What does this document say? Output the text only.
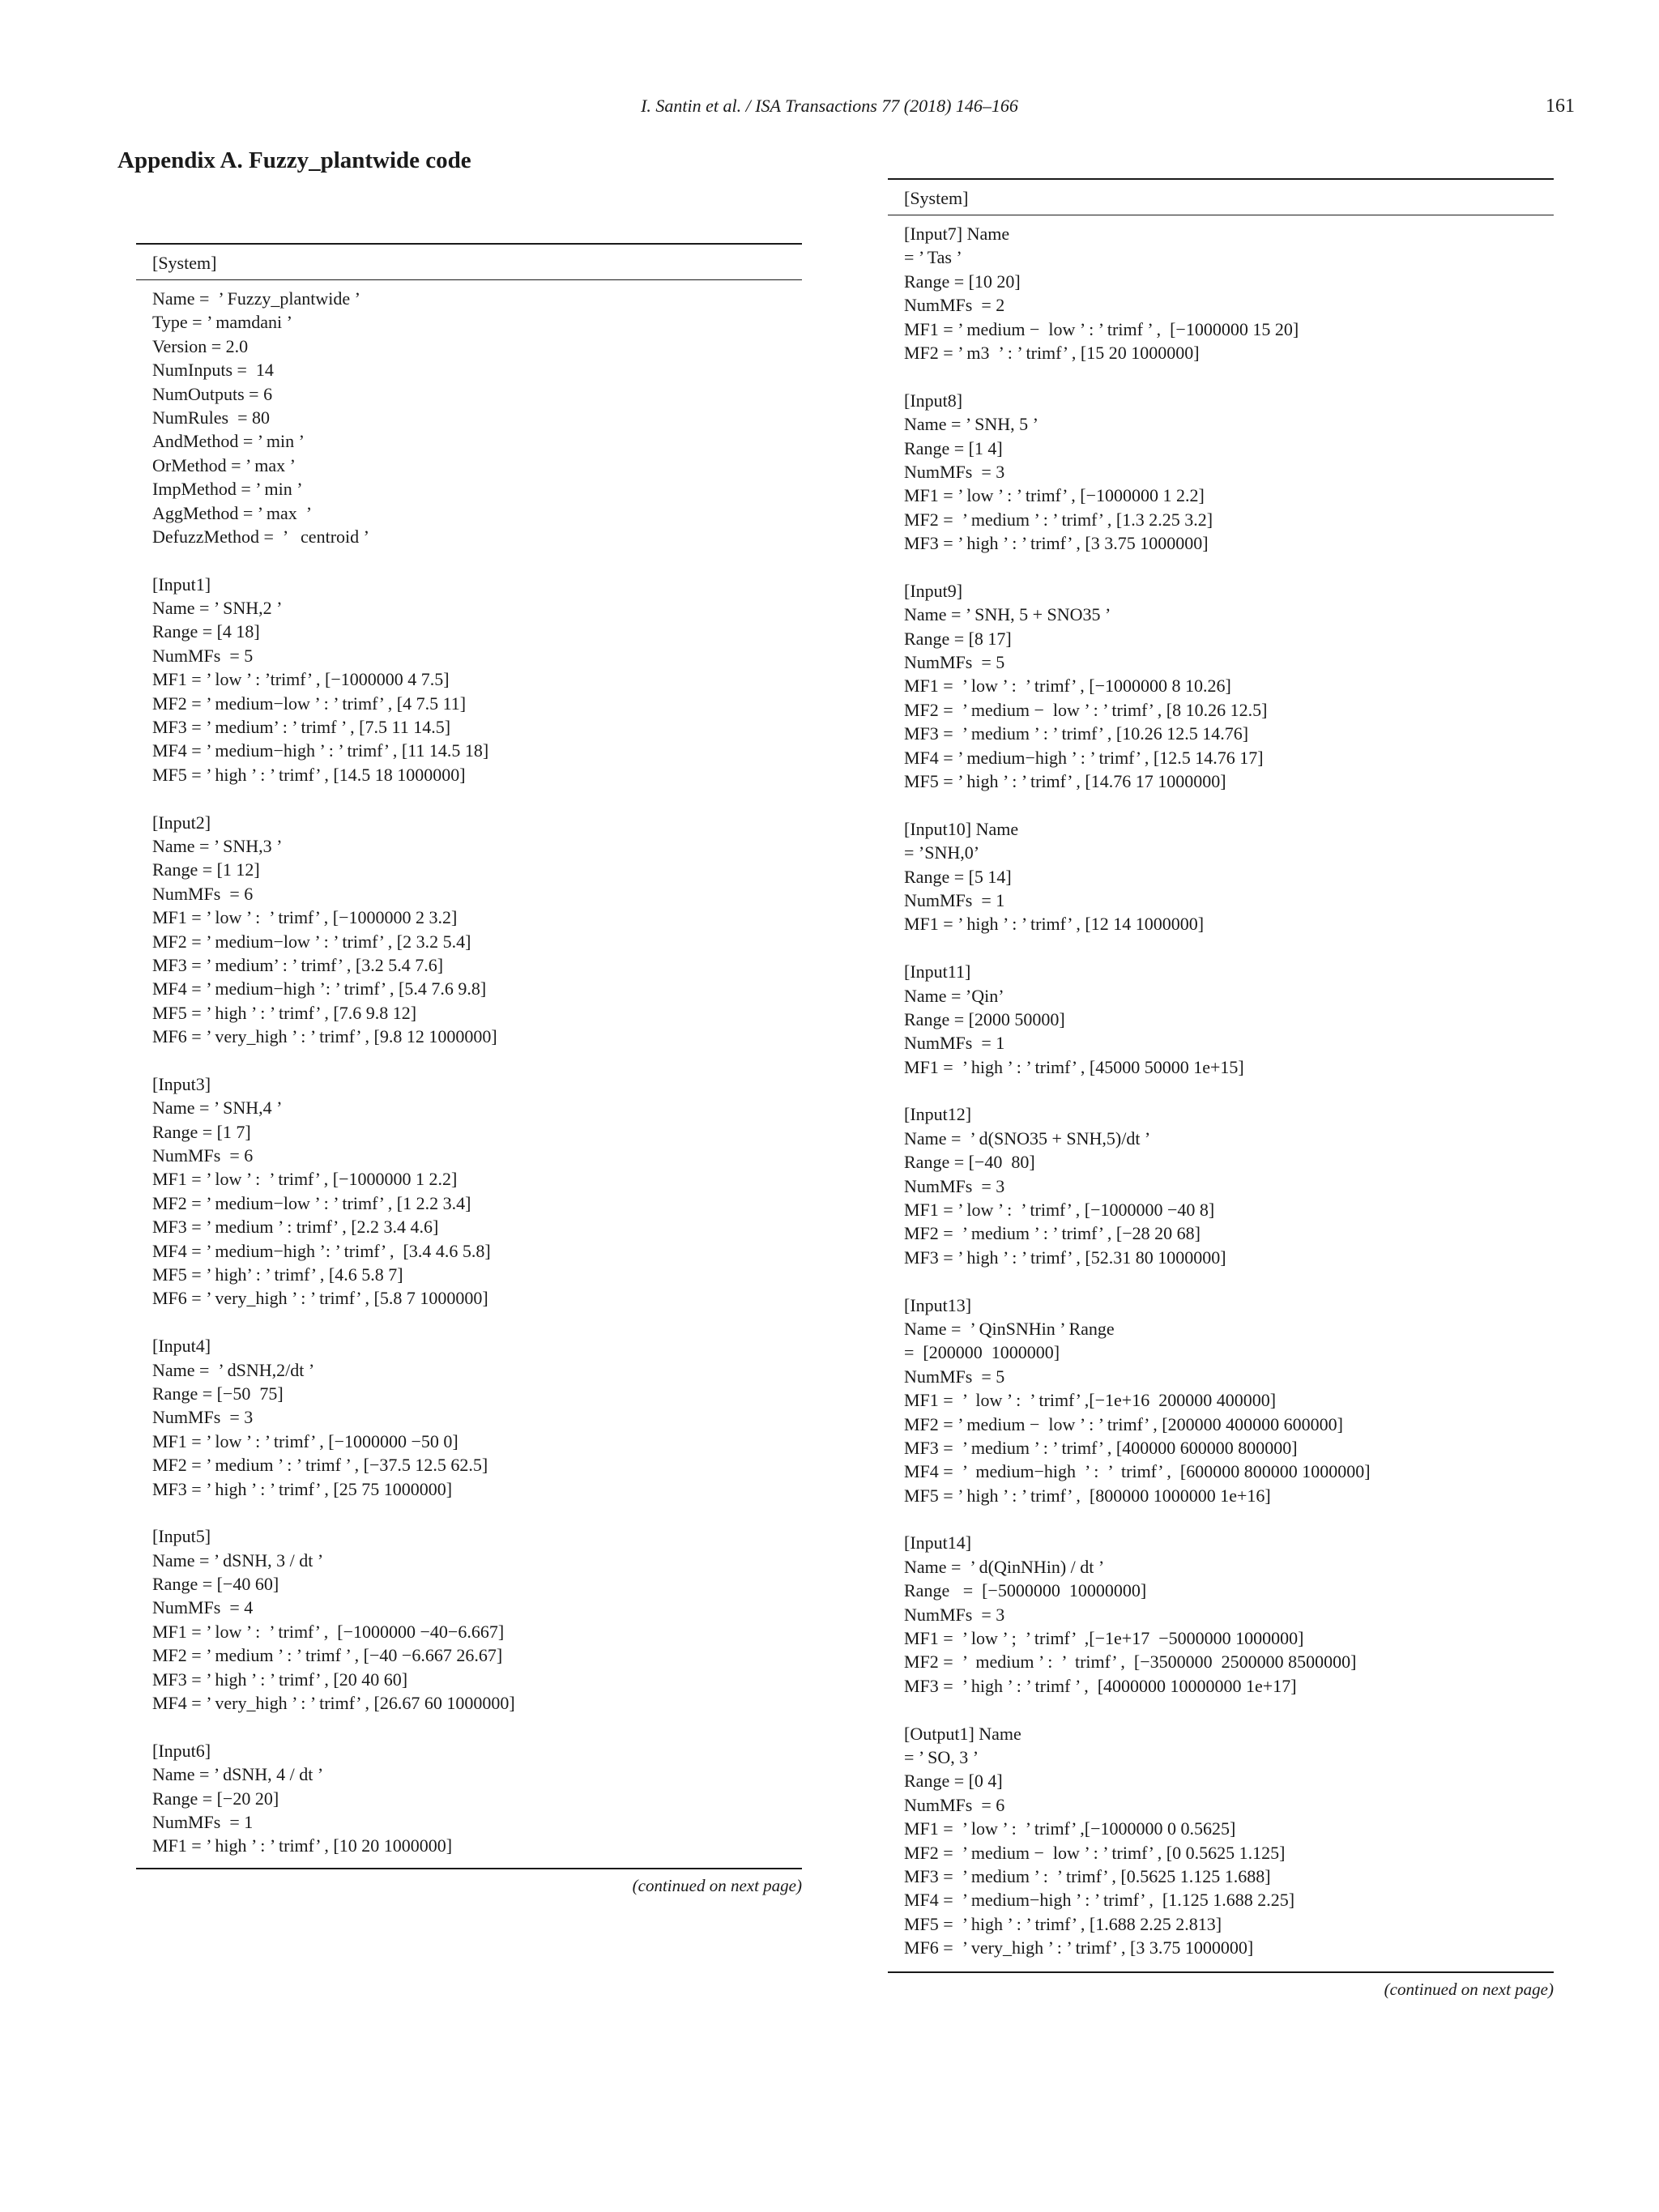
I. Santin et al. / ISA Transactions 77 (2018) 146–166	161
Appendix A. Fuzzy_plantwide code
[System]
Name =  ’ Fuzzy_plantwide ’
Type = ’ mamdani ’
Version = 2.0
NumInputs =  14
NumOutputs = 6
NumRules  = 80
AndMethod = ’ min ’
OrMethod = ’ max ’
ImpMethod = ’ min ’
AggMethod = ’ max  ’
DefuzzMethod =  ’   centroid ’
[Input1]
Name = ’ SNH,2 ’
Range = [4 18]
NumMFs  = 5
MF1 = ’ low ’ : ’trimf’ , [−1000000 4 7.5]
MF2 = ’ medium−low ’ : ’ trimf’ , [4 7.5 11]
MF3 = ’ medium’ : ’ trimf ’ , [7.5 11 14.5]
MF4 = ’ medium−high ’ : ’ trimf’ , [11 14.5 18]
MF5 = ’ high ’ : ’ trimf’ , [14.5 18 1000000]
[Input2]
Name = ’ SNH,3 ’
Range = [1 12]
NumMFs  = 6
MF1 = ’ low ’ :  ’ trimf’ , [−1000000 2 3.2]
MF2 = ’ medium−low ’ : ’ trimf’ , [2 3.2 5.4]
MF3 = ’ medium’ : ’ trimf’ , [3.2 5.4 7.6]
MF4 = ’ medium−high ’: ’ trimf’ , [5.4 7.6 9.8]
MF5 = ’ high ’ : ’ trimf’ , [7.6 9.8 12]
MF6 = ’ very_high ’ : ’ trimf’ , [9.8 12 1000000]
[Input3]
Name = ’ SNH,4 ’
Range = [1 7]
NumMFs  = 6
MF1 = ’ low ’ :  ’ trimf’ , [−1000000 1 2.2]
MF2 = ’ medium−low ’ : ’ trimf’ , [1 2.2 3.4]
MF3 = ’ medium ’ : trimf’ , [2.2 3.4 4.6]
MF4 = ’ medium−high ’: ’ trimf’ ,  [3.4 4.6 5.8]
MF5 = ’ high’ : ’ trimf’ , [4.6 5.8 7]
MF6 = ’ very_high ’ : ’ trimf’ , [5.8 7 1000000]
[Input4]
Name =  ’ dSNH,2/dt ’
Range = [−50  75]
NumMFs  = 3
MF1 = ’ low ’ : ’ trimf’ , [−1000000 −50 0]
MF2 = ’ medium ’ : ’ trimf ’ , [−37.5 12.5 62.5]
MF3 = ’ high ’ : ’ trimf’ , [25 75 1000000]
[Input5]
Name = ’ dSNH, 3 / dt ’
Range = [−40 60]
NumMFs  = 4
MF1 = ’ low ’ :  ’ trimf’ ,  [−1000000 −40−6.667]
MF2 = ’ medium ’ : ’ trimf ’ , [−40 −6.667 26.67]
MF3 = ’ high ’ : ’ trimf’ , [20 40 60]
MF4 = ’ very_high ’ : ’ trimf’ , [26.67 60 1000000]
[Input6]
Name = ’ dSNH, 4 / dt ’
Range = [−20 20]
NumMFs  = 1
MF1 = ’ high ’ : ’ trimf’ , [10 20 1000000]
(continued on next page)
[System]
[Input7] Name
= ’ Tas ’
Range = [10 20]
NumMFs  = 2
MF1 = ’ medium −  low ’ : ’ trimf ’ ,  [−1000000 15 20]
MF2 = ’ m3  ’ : ’ trimf’ , [15 20 1000000]
[Input8]
Name = ’ SNH, 5 ’
Range = [1 4]
NumMFs  = 3
MF1 = ’ low ’ : ’ trimf’ , [−1000000 1 2.2]
MF2 =  ’ medium ’ : ’ trimf’ , [1.3 2.25 3.2]
MF3 = ’ high ’ : ’ trimf’ , [3 3.75 1000000]
[Input9]
Name = ’ SNH, 5 + SNO35 ’
Range = [8 17]
NumMFs  = 5
MF1 =  ’ low ’ :  ’ trimf’ , [−1000000 8 10.26]
MF2 =  ’ medium −  low ’ : ’ trimf’ , [8 10.26 12.5]
MF3 =  ’ medium ’ : ’ trimf’ , [10.26 12.5 14.76]
MF4 = ’ medium−high ’ : ’ trimf’ , [12.5 14.76 17]
MF5 = ’ high ’ : ’ trimf’ , [14.76 17 1000000]
[Input10] Name
= ’SNH,0’
Range = [5 14]
NumMFs  = 1
MF1 = ’ high ’ : ’ trimf’ , [12 14 1000000]
[Input11]
Name = ’Qin’
Range = [2000 50000]
NumMFs  = 1
MF1 =  ’ high ’ : ’ trimf’ , [45000 50000 1e+15]
[Input12]
Name =  ’ d(SNO35 + SNH,5)/dt ’
Range = [−40  80]
NumMFs  = 3
MF1 = ’ low ’ :  ’ trimf’ , [−1000000 −40 8]
MF2 =  ’ medium ’ : ’ trimf’ , [−28 20 68]
MF3 = ’ high ’ : ’ trimf’ , [52.31 80 1000000]
[Input13]
Name =  ’ QinSNHin ’ Range
=  [200000  1000000]
NumMFs  = 5
MF1 =  ’  low ’ :  ’ trimf’ ,[−1e+16  200000 400000]
MF2 = ’ medium −  low ’ : ’ trimf’ , [200000 400000 600000]
MF3 =  ’ medium ’ : ’ trimf’ , [400000 600000 800000]
MF4 =  ’  medium−high  ’ :  ’  trimf’ ,  [600000 800000 1000000]
MF5 = ’ high ’ : ’ trimf’ ,  [800000 1000000 1e+16]
[Input14]
Name =  ’ d(QinNHin) / dt ’
Range   =  [−5000000  10000000]
NumMFs  = 3
MF1 =  ’ low ’ ;  ’ trimf’  ,[−1e+17  −5000000 1000000]
MF2 =  ’  medium ’ :  ’  trimf’ ,  [−3500000  2500000 8500000]
MF3 =  ’ high ’ : ’ trimf ’ ,  [4000000 10000000 1e+17]
[Output1] Name
= ’ SO, 3 ’
Range = [0 4]
NumMFs  = 6
MF1 =  ’ low ’ :  ’ trimf’ ,[−1000000 0 0.5625]
MF2 =  ’ medium −  low ’ : ’ trimf’ , [0 0.5625 1.125]
MF3 =  ’ medium ’ :  ’ trimf’ , [0.5625 1.125 1.688]
MF4 =  ’ medium−high ’ : ’ trimf’ ,  [1.125 1.688 2.25]
MF5 =  ’ high ’ : ’ trimf’ , [1.688 2.25 2.813]
MF6 =  ’ very_high ’ : ’ trimf’ , [3 3.75 1000000]
(continued on next page)
